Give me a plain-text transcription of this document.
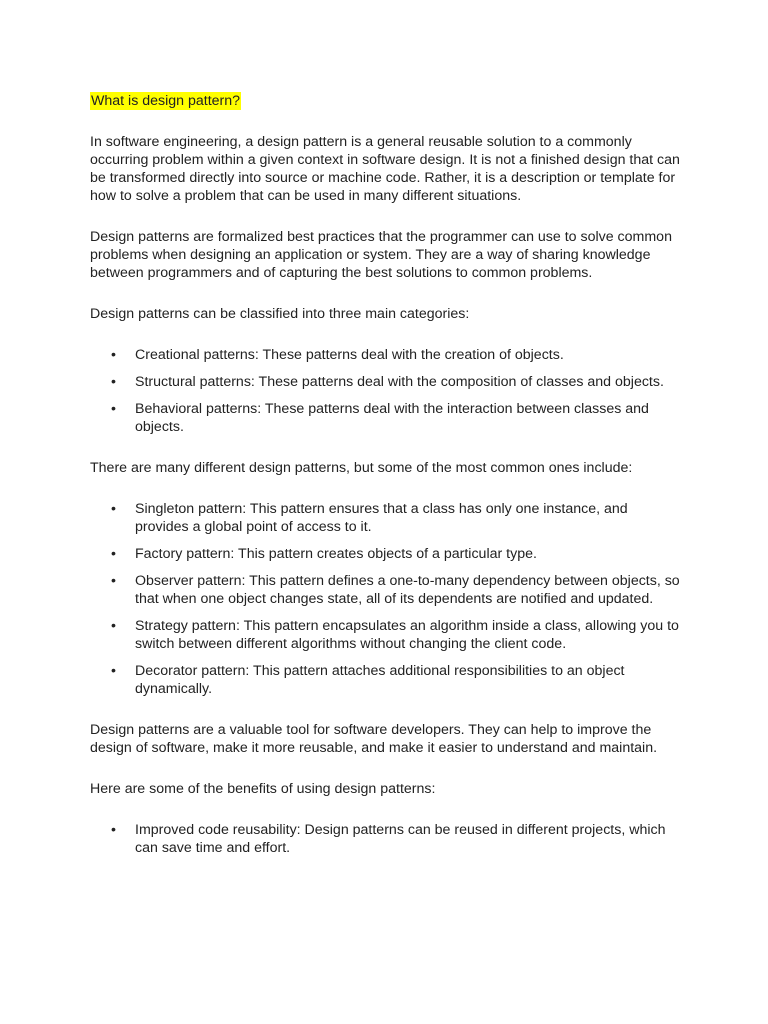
What is design pattern?

In software engineering, a design pattern is a general reusable solution to a commonly occurring problem within a given context in software design. It is not a finished design that can be transformed directly into source or machine code. Rather, it is a description or template for how to solve a problem that can be used in many different situations.

Design patterns are formalized best practices that the programmer can use to solve common problems when designing an application or system. They are a way of sharing knowledge between programmers and of capturing the best solutions to common problems.

Design patterns can be classified into three main categories:

• Creational patterns: These patterns deal with the creation of objects.
• Structural patterns: These patterns deal with the composition of classes and objects.
• Behavioral patterns: These patterns deal with the interaction between classes and objects.

There are many different design patterns, but some of the most common ones include:

• Singleton pattern: This pattern ensures that a class has only one instance, and provides a global point of access to it.
• Factory pattern: This pattern creates objects of a particular type.
• Observer pattern: This pattern defines a one-to-many dependency between objects, so that when one object changes state, all of its dependents are notified and updated.
• Strategy pattern: This pattern encapsulates an algorithm inside a class, allowing you to switch between different algorithms without changing the client code.
• Decorator pattern: This pattern attaches additional responsibilities to an object dynamically.

Design patterns are a valuable tool for software developers. They can help to improve the design of software, make it more reusable, and make it easier to understand and maintain.

Here are some of the benefits of using design patterns:

• Improved code reusability: Design patterns can be reused in different projects, which can save time and effort.
